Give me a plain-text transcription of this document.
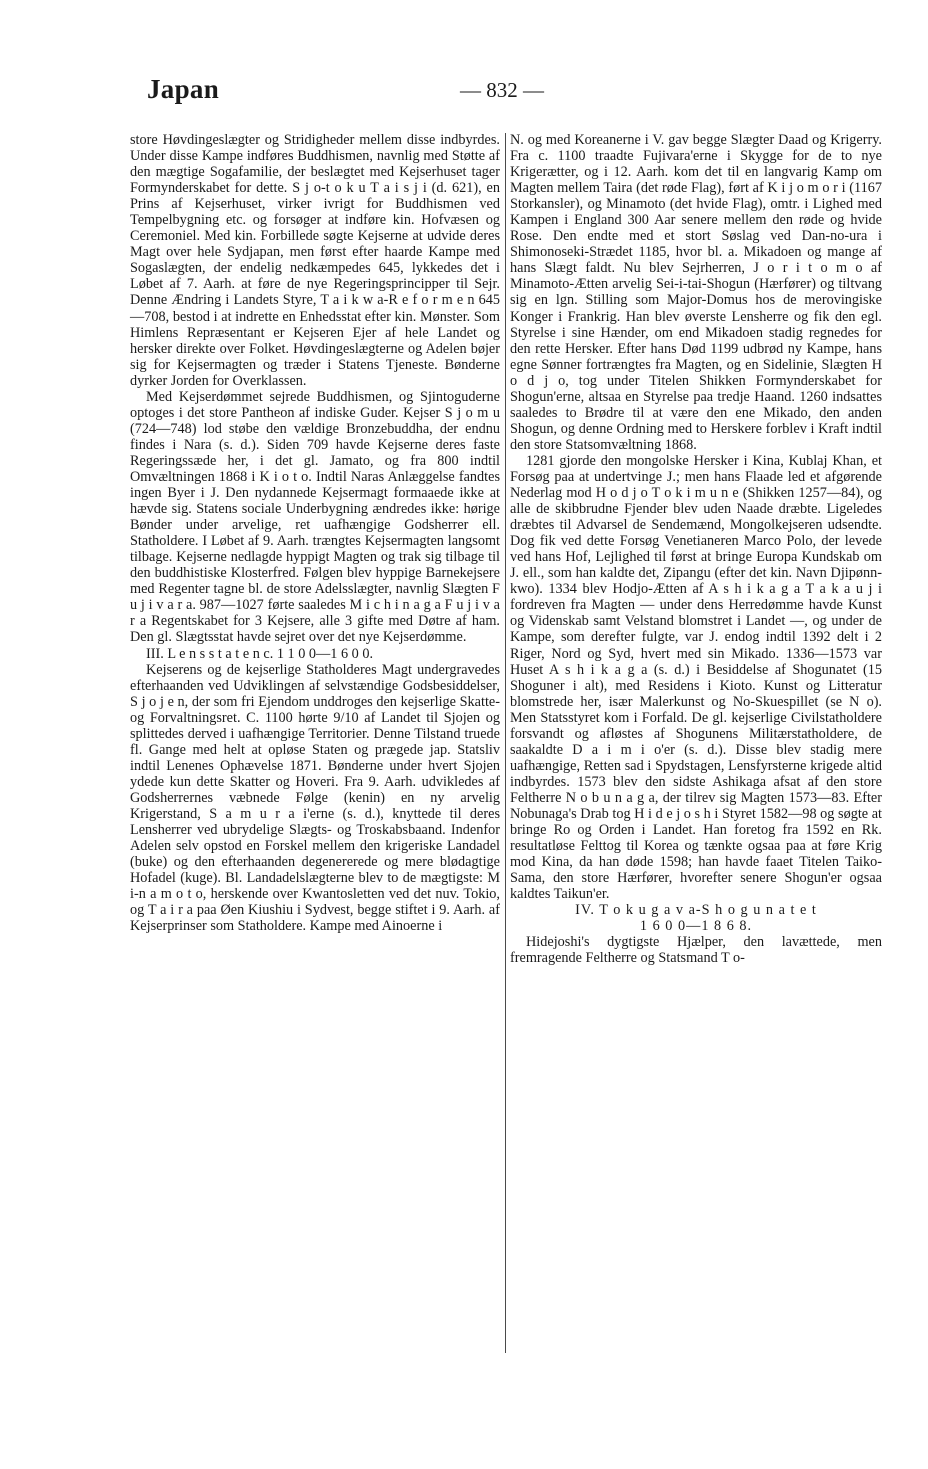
Japan	— 832 —

store Høvdingeslægter og Stridigheder mellem disse indbyrdes. Under disse Kampe indføres Buddhismen, navnlig med Støtte af den mægtige Sogafamilie, der beslægtet med Kejserhuset tager Formynderskabet for dette. S j o-t o k u T a i s j i (d. 621), en Prins af Kejserhuset, virker ivrigt for Buddhismen ved Tempelbygning etc. og forsøger at indføre kin. Hofvæsen og Ceremoniel. Med kin. Forbillede søgte Kejserne at udvide deres Magt over hele Sydjapan, men først efter haarde Kampe med Sogaslægten, der endelig nedkæmpedes 645, lykkedes det i Løbet af 7. Aarh. at føre de nye Regeringsprincipper til Sejr. Denne Ændring i Landets Styre, T a i k w a-R e f o r m e n 645—708, bestod i at indrette en Enhedsstat efter kin. Mønster. Som Himlens Repræsentant er Kejseren Ejer af hele Landet og hersker direkte over Folket. Høvdingeslægterne og Adelen bøjer sig for Kejsermagten og træder i Statens Tjeneste. Bønderne dyrker Jorden for Overklassen.

Med Kejserdømmet sejrede Buddhismen, og Sjintoguderne optoges i det store Pantheon af indiske Guder. Kejser S j o m u (724—748) lod støbe den vældige Bronzebuddha, der endnu findes i Nara (s. d.). Siden 709 havde Kejserne deres faste Regeringssæde her, i det gl. Jamato, og fra 800 indtil Omvæltningen 1868 i K i o t o. Indtil Naras Anlæggelse fandtes ingen Byer i J. Den nydannede Kejsermagt formaaede ikke at hævde sig. Statens sociale Underbygning ændredes ikke: hørige Bønder under arvelige, ret uafhængige Godsherrer ell. Statholdere. I Løbet af 9. Aarh. trængtes Kejsermagten langsomt tilbage. Kejserne nedlagde hyppigt Magten og trak sig tilbage til den buddhistiske Klosterfred. Følgen blev hyppige Barnekejsere med Regenter tagne bl. de store Adelsslægter, navnlig Slægten F u j i v a r a. 987—1027 førte saaledes M i c h i n a g a F u j i v a r a Regentskabet for 3 Kejsere, alle 3 gifte med Døtre af ham. Den gl. Slægtsstat havde sejret over det nye Kejserdømme.

III. L e n s s t a t e n c. 1 1 0 0—1 6 0 0.

Kejserens og de kejserlige Statholderes Magt undergravedes efterhaanden ved Udviklingen af selvstændige Godsbesiddelser, S j o j e n, der som fri Ejendom unddroges den kejserlige Skatte- og Forvaltningsret. C. 1100 hørte 9/10 af Landet til Sjojen og splittedes derved i uafhængige Territorier. Denne Tilstand truede fl. Gange med helt at opløse Staten og prægede jap. Statsliv indtil Lenenes Ophævelse 1871. Bønderne under hvert Sjojen ydede kun dette Skatter og Hoveri. Fra 9. Aarh. udvikledes af Godsherrernes væbnede Følge (kenin) en ny arvelig Krigerstand, S a m u r a i'erne (s. d.), knyttede til deres Lensherrer ved ubrydelige Slægts- og Troskabsbaand. Indenfor Adelen selv opstod en Forskel mellem den krigeriske Landadel (buke) og den efterhaanden degenererede og mere blødagtige Hofadel (kuge). Bl. Landadelslægterne blev to de mægtigste: M i-n a m o t o, herskende over Kwantosletten ved det nuv. Tokio, og T a i r a paa Øen Kiushiu i Sydvest, begge stiftet i 9. Aarh. af Kejserprinser som Statholdere. Kampe med Ainoerne i

N. og med Koreanerne i V. gav begge Slægter Daad og Krigerry. Fra c. 1100 traadte Fujivara'erne i Skygge for de to nye Krigerætter, og i 12. Aarh. kom det til en langvarig Kamp om Magten mellem Taira (det røde Flag), ført af K i j o m o r i (1167 Storkansler), og Minamoto (det hvide Flag), omtr. i Lighed med Kampen i England 300 Aar senere mellem den røde og hvide Rose. Den endte med et stort Søslag ved Dan-no-ura i Shimonoseki-Strædet 1185, hvor bl. a. Mikadoen og mange af hans Slægt faldt. Nu blev Sejrherren, J o r i t o m o af Minamoto-Ætten arvelig Sei-i-tai-Shogun (Hærfører) og tiltvang sig en lgn. Stilling som Major-Domus hos de merovingiske Konger i Frankrig. Han blev øverste Lensherre og fik den egl. Styrelse i sine Hænder, om end Mikadoen stadig regnedes for den rette Hersker. Efter hans Død 1199 udbrød ny Kampe, hans egne Sønner fortrængtes fra Magten, og en Sidelinie, Slægten H o d j o, tog under Titelen Shikken Formynderskabet for Shogun'erne, altsaa en Styrelse paa tredje Haand. 1260 indsattes saaledes to Brødre til at være den ene Mikado, den anden Shogun, og denne Ordning med to Herskere forblev i Kraft indtil den store Statsomvæltning 1868.

1281 gjorde den mongolske Hersker i Kina, Kublaj Khan, et Forsøg paa at undertvinge J.; men hans Flaade led et afgørende Nederlag mod H o d j o T o k i m u n e (Shikken 1257—84), og alle de skibbrudne Fjender blev uden Naade dræbte. Ligeledes dræbtes til Advarsel de Sendemænd, Mongolkejseren udsendte. Dog fik ved dette Forsøg Venetianeren Marco Polo, der levede ved hans Hof, Lejlighed til først at bringe Europa Kundskab om J. ell., som han kaldte det, Zipangu (efter det kin. Navn Djipønn-kwo). 1334 blev Hodjo-Ætten af A s h i k a g a T a k a u j i fordreven fra Magten — under dens Herredømme havde Kunst og Videnskab samt Velstand blomstret i Landet —, og under de Kampe, som derefter fulgte, var J. endog indtil 1392 delt i 2 Riger, Nord og Syd, hvert med sin Mikado. 1336—1573 var Huset A s h i k a g a (s. d.) i Besiddelse af Shogunatet (15 Shoguner i alt), med Residens i Kioto. Kunst og Litteratur blomstrede her, især Malerkunst og No-Skuespillet (se N o). Men Statsstyret kom i Forfald. De gl. kejserlige Civilstatholdere forsvandt og afløstes af Shogunens Militærstatholdere, de saakaldte D a i m i o'er (s. d.). Disse blev stadig mere uafhængige, Retten sad i Spydstagen, Lensfyrsterne krigede altid indbyrdes. 1573 blev den sidste Ashikaga afsat af den store Feltherre N o b u n a g a, der tilrev sig Magten 1573—83. Efter Nobunaga's Drab tog H i d e j o s h i Styret 1582—98 og søgte at bringe Ro og Orden i Landet. Han foretog fra 1592 en Rk. resultatløse Felttog til Korea og tænkte ogsaa paa at føre Krig mod Kina, da han døde 1598; han havde faaet Titelen Taiko-Sama, den store Hærfører, hvorefter senere Shogun'er ogsaa kaldtes Taikun'er.

IV. T o k u g a v a-S h o g u n a t e t

1 6 0 0—1 8 6 8.

Hidejoshi's dygtigste Hjælper, den lavættede, men fremragende Feltherre og Statsmand T o-
